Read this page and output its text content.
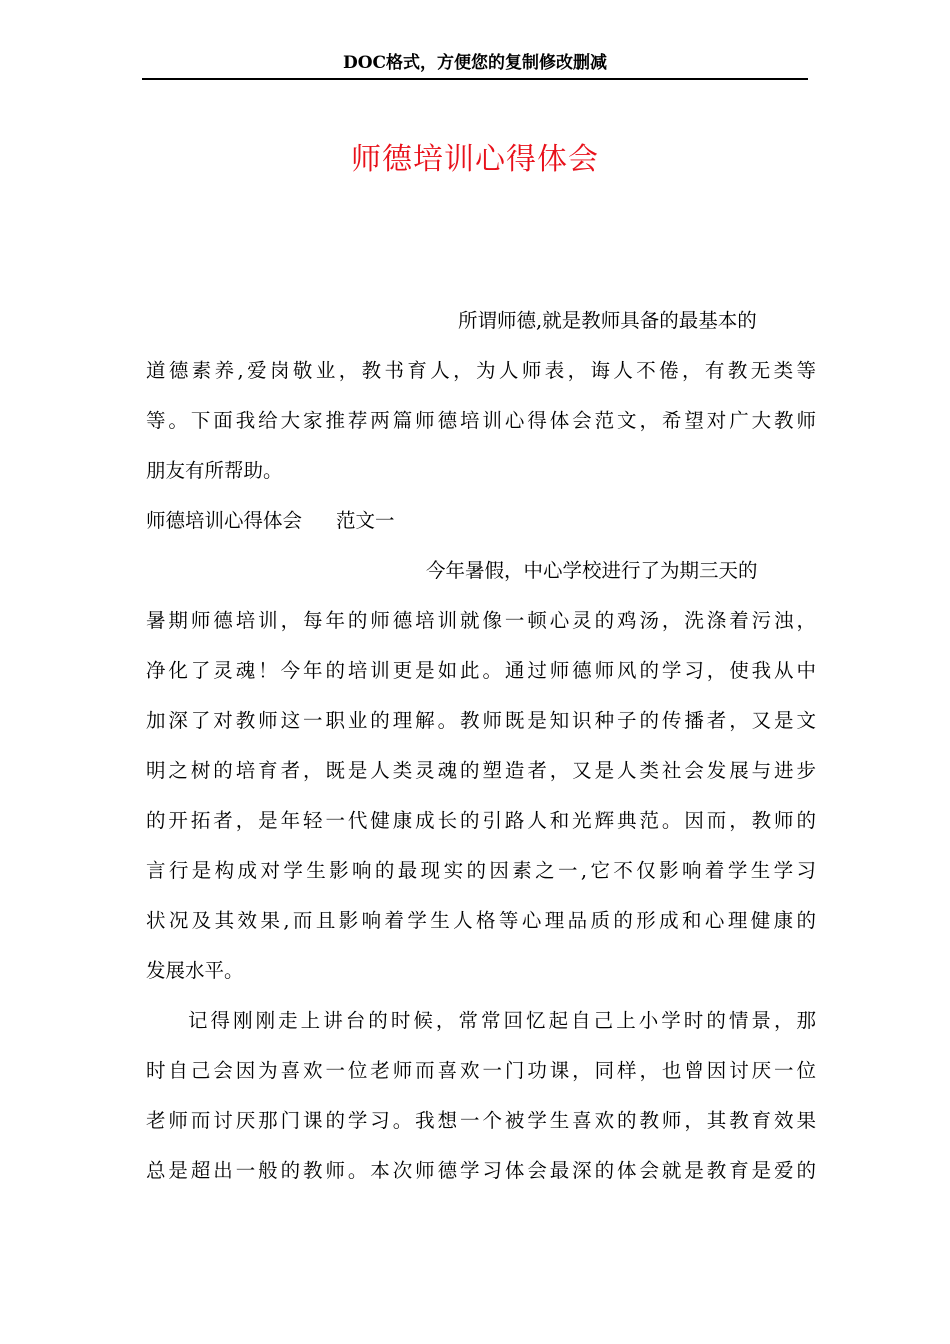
DOC格式，方便您的复制修改删减
师德培训心得体会
所谓师德,就是教师具备的最基本的
道德素养,爱岗敬业，教书育人，为人师表，诲人不倦，有教无类等
等。下面我给大家推荐两篇师德培训心得体会范文，希望对广大教师
朋友有所帮助。
师德培训心得体会 范文一
今年暑假，中心学校进行了为期三天的
暑期师德培训，每年的师德培训就像一顿心灵的鸡汤，洗涤着污浊，
净化了灵魂！今年的培训更是如此。通过师德师风的学习，使我从中
加深了对教师这一职业的理解。教师既是知识种子的传播者，又是文
明之树的培育者，既是人类灵魂的塑造者，又是人类社会发展与进步
的开拓者，是年轻一代健康成长的引路人和光辉典范。因而，教师的
言行是构成对学生影响的最现实的因素之一,它不仅影响着学生学习
状况及其效果,而且影响着学生人格等心理品质的形成和心理健康的
发展水平。
记得刚刚走上讲台的时候，常常回忆起自己上小学时的情景，那
时自己会因为喜欢一位老师而喜欢一门功课，同样，也曾因讨厌一位
老师而讨厌那门课的学习。我想一个被学生喜欢的教师，其教育效果
总是超出一般的教师。本次师德学习体会最深的体会就是教育是爱的
